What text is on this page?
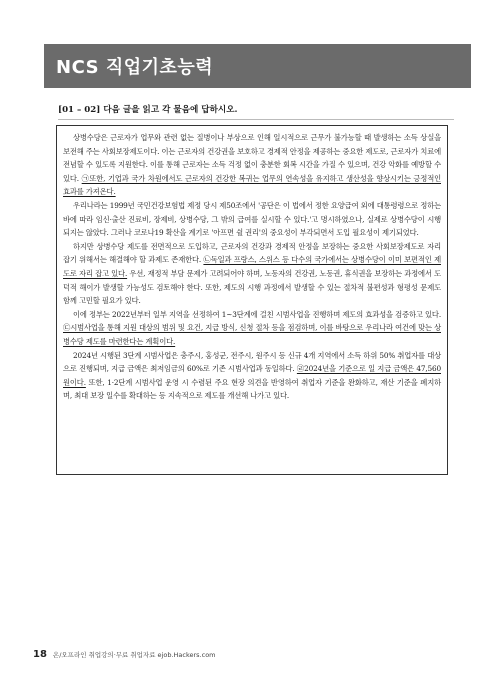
NCS 직업기초능력
[01 – 02] 다음 글을 읽고 각 물음에 답하시오.

상병수당은 근로자가 업무와 관련 없는 질병이나 부상으로 인해 일시적으로 근무가 불가능할 때 발생하는 소득 상실을 보전해 주는 사회보장제도이다. 이는 근로자의 건강권을 보호하고 경제적 안정을 제공하는 중요한 제도로, 근로자가 치료에 전념할 수 있도록 지원한다. 이를 통해 근로자는 소득 걱정 없이 충분한 회복 시간을 가질 수 있으며, 건강 악화를 예방할 수 있다. ㉠또한, 기업과 국가 차원에서도 근로자의 건강한 복귀는 업무의 연속성을 유지하고 생산성을 향상시키는 긍정적인 효과를 가져온다.

우리나라는 1999년 국민건강보험법 제정 당시 제50조에서 '공단은 이 법에서 정한 요양급여 외에 대통령령으로 정하는 바에 따라 임신·출산 진료비, 장제비, 상병수당, 그 밖의 급여를 실시할 수 있다.'고 명시하였으나, 실제로 상병수당이 시행되지는 않았다. 그러나 코로나19 확산을 계기로 '아프면 쉴 권리'의 중요성이 부각되면서 도입 필요성이 제기되었다.

하지만 상병수당 제도를 전면적으로 도입하고, 근로자의 건강과 경제적 안정을 보장하는 중요한 사회보장제도로 자리 잡기 위해서는 해결해야 할 과제도 존재한다. ㉡독일과 프랑스, 스위스 등 다수의 국가에서는 상병수당이 이미 보편적인 제도로 자리 잡고 있다. 우선, 재정적 부담 문제가 고려되어야 하며, 노동자의 건강권, 노동권, 휴식권을 보장하는 과정에서 도덕적 해이가 발생할 가능성도 검토해야 한다. 또한, 제도의 시행 과정에서 발생할 수 있는 절차적 불편성과 형평성 문제도 함께 고민할 필요가 있다.

이에 정부는 2022년부터 일부 지역을 선정하여 1~3단계에 걸친 시범사업을 진행하며 제도의 효과성을 검증하고 있다. ㉢시범사업을 통해 지원 대상의 범위 및 요건, 지급 방식, 신청 절차 등을 점검하며, 이를 바탕으로 우리나라 여건에 맞는 상병수당 제도를 마련한다는 계획이다.

2024년 시행된 3단계 시범사업은 충주시, 홍성군, 전주시, 원주시 등 신규 4개 지역에서 소득 하위 50% 취업자를 대상으로 진행되며, 지급 금액은 최저임금의 60%로 기존 시범사업과 동일하다. ㉣2024년을 기준으로 일 지급 금액은 47,560원이다. 또한, 1·2단계 시범사업 운영 시 수렴된 주요 현장 의견을 반영하여 취업자 기준을 완화하고, 재산 기준을 폐지하며, 최대 보장 일수를 확대하는 등 지속적으로 제도를 개선해 나가고 있다.

18 온/오프라인 취업강의·무료 취업자료 ejob.Hackers.com
